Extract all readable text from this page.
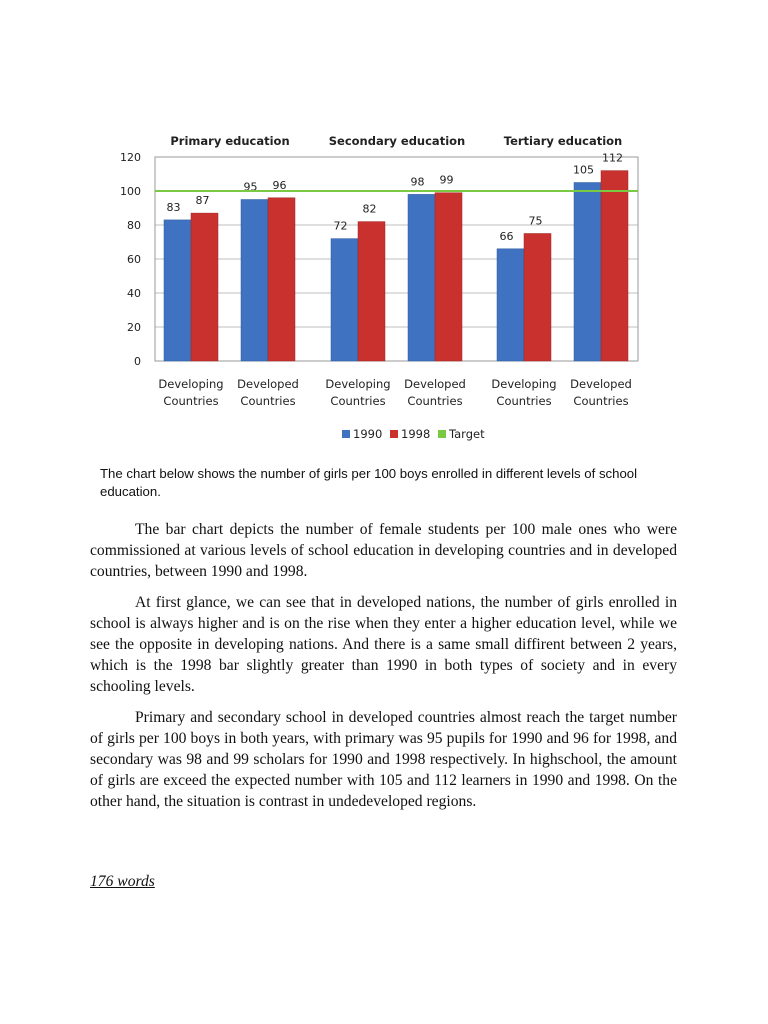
0
20
40
60
80
100
120
Primary education
83
87
Developing
Countries
95 96
Developed
Countries
Secondary education
72
82
Developing
Countries
98 99
Developed
Countries
Tertiary education
66
75
Developing
Countries
105
112
Developed
Countries
1990 1998 Target
The chart below shows the number of girls per 100 boys enrolled in different levels of school education.

The bar chart depicts the number of female students per 100 male ones who were commissioned at various levels of school education in developing countries and in developed countries, between 1990 and 1998.

At first glance, we can see that in developed nations, the number of girls enrolled in school is always higher and is on the rise when they enter a higher education level, while we see the opposite in developing nations. And there is a same small diffirent between 2 years, which is the 1998 bar slightly greater than 1990 in both types of society and in every schooling levels.

Primary and secondary school in developed countries almost reach the target number of girls per 100 boys in both years, with primary was 95 pupils for 1990 and 96 for 1998, and secondary was 98 and 99 scholars for 1990 and 1998 respectively. In highschool, the amount of girls are exceed the expected number with 105 and 112 learners in 1990 and 1998. On the other hand, the situation is contrast in undedeveloped regions.

176 words
